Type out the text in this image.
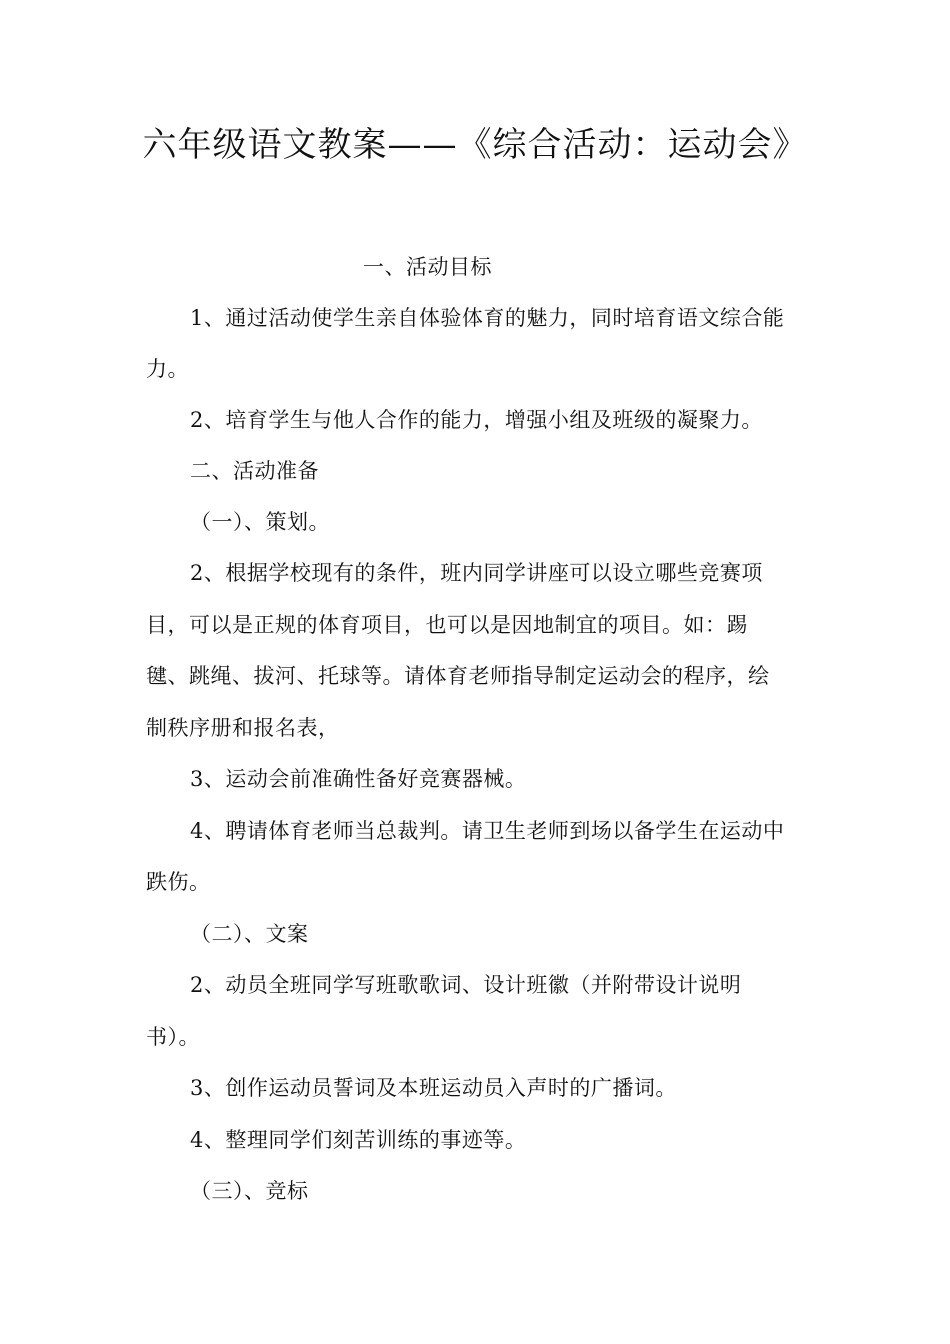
六年级语文教案——《综合活动：运动会》
一、活动目标
1、通过活动使学生亲自体验体育的魅力，同时培育语文综合能
力。
2、培育学生与他人合作的能力，增强小组及班级的凝聚力。
二、活动准备
（一）、策划。
2、根据学校现有的条件，班内同学讲座可以设立哪些竞赛项
目，可以是正规的体育项目，也可以是因地制宜的项目。如：踢
毽、跳绳、拔河、托球等。请体育老师指导制定运动会的程序，绘
制秩序册和报名表，
3、运动会前准确性备好竞赛器械。
4、聘请体育老师当总裁判。请卫生老师到场以备学生在运动中
跌伤。
（二）、文案
2、动员全班同学写班歌歌词、设计班徽（并附带设计说明
书）。
3、创作运动员誓词及本班运动员入声时的广播词。
4、整理同学们刻苦训练的事迹等。
（三）、竞标
